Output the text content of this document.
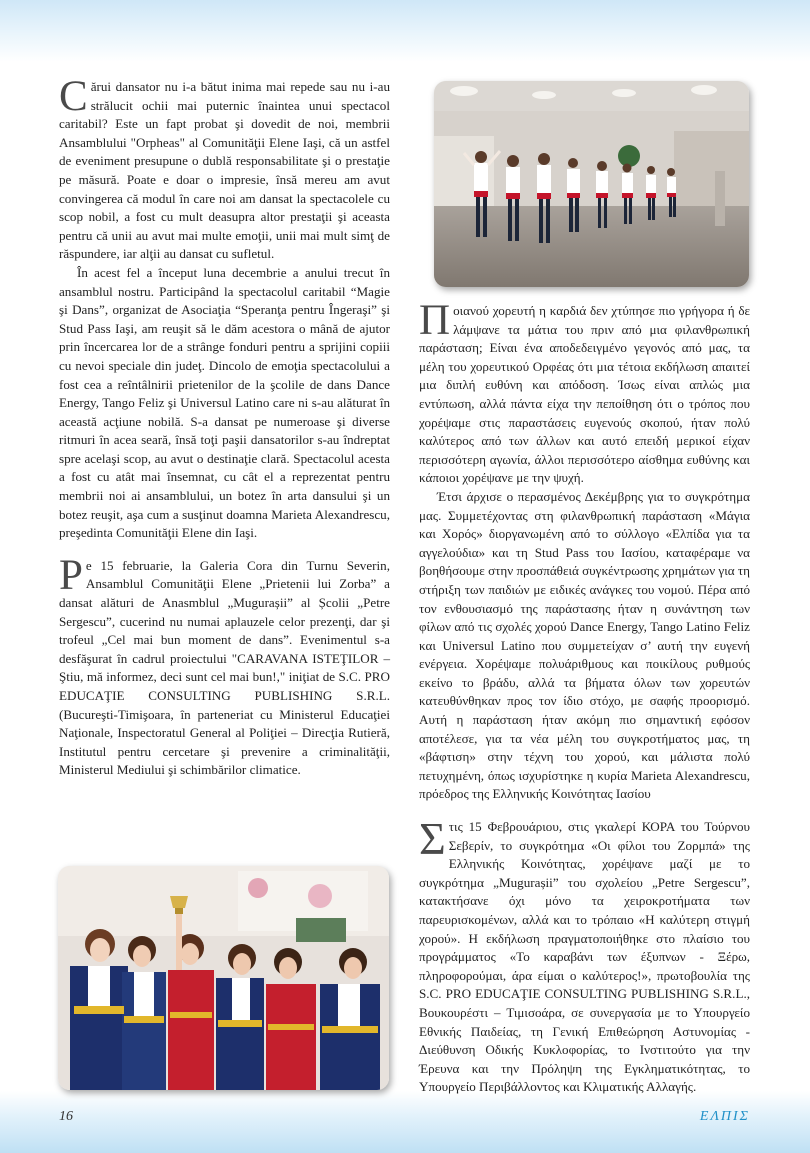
Cărui dansator nu i-a bătut inima mai repede sau nu i-au strălucit ochii mai puternic înaintea unui spectacol caritabil? Este un fapt probat şi dovedit de noi, membrii Ansamblului "Orpheas" al Comunităţii Elene Iaşi, că un astfel de eveniment presupune o dublă responsabilitate şi o prestaţie pe măsură. Poate e doar o impresie, însă mereu am avut convingerea că modul în care noi am dansat la spectacolele cu scop nobil, a fost cu mult deasupra altor prestaţii şi aceasta pentru că unii au avut mai multe emoţii, unii mai mult simţ de răspundere, iar alţii au dansat cu sufletul.

În acest fel a început luna decembrie a anului trecut în ansamblul nostru. Participând la spectacolul caritabil “Magie şi Dans”, organizat de Asociaţia “Speranţa pentru Îngeraşi” şi Stud Pass Iaşi, am reuşit să le dăm acestora o mână de ajutor prin încercarea lor de a strânge fonduri pentru a sprijini copiii cu nevoi speciale din judeţ. Dincolo de emoţia spectacolului a fost cea a reîntâlnirii prietenilor de la şcolile de dans Dance Energy, Tango Feliz şi Universul Latino care ni s-au alăturat în această acţiune nobilă. S-a dansat pe numeroase şi diverse ritmuri în acea seară, însă toţi paşii dansatorilor s-au îndreptat spre acelaşi scop, au avut o destinaţie clară. Spectacolul acesta a fost cu atât mai însemnat, cu cât el a reprezentat pentru membrii noi ai ansamblului, un botez în arta dansului şi un botez reuşit, aşa cum a susţinut doamna Marieta Alexandrescu, preşedinta Comunităţii Elene din Iaşi.

Pe 15 februarie, la Galeria Cora din Turnu Severin, Ansamblul Comunităţii Elene „Prietenii lui Zorba” a dansat alături de Anasmblul „Mugurașii” al Școlii „Petre Sergescu”, cucerind nu numai aplauzele celor prezenţi, dar şi trofeul „Cel mai bun moment de dans”. Evenimentul s-a desfăşurat în cadrul proiectului "CARAVANA ISTEŢILOR – Ştiu, mă informez, deci sunt cel mai bun!," iniţiat de S.C. PRO EDUCAŢIE CONSULTING PUBLISHING S.R.L. (Bucureşti-Timişoara, în parteneriat cu Ministerul Educaţiei Naţionale, Inspectoratul General al Poliţiei – Direcţia Rutieră, Institutul pentru cercetare şi prevenire a criminalităţii, Ministerul Mediului şi schimbărilor climatice.

Ποιανού χορευτή η καρδιά δεν χτύπησε πιο γρήγορα ή δε λάμψανε τα μάτια του πριν από μια φιλανθρωπική παράσταση; Είναι ένα αποδεδειγμένο γεγονός από μας, τα μέλη του χορευτικού Ορφέας ότι μια τέτοια εκδήλωση απαιτεί μια διπλή ευθύνη και απόδοση. Ίσως είναι απλώς μια εντύπωση, αλλά πάντα είχα την πεποίθηση ότι ο τρόπος που χορέψαμε στις παραστάσεις ευγενούς σκοπού, ήταν πολύ καλύτερος από των άλλων και αυτό επειδή μερικοί είχαν περισσότερη αγωνία, άλλοι περισσότερο αίσθημα ευθύνης και κάποιοι χορέψανε με την ψυχή.

Έτσι άρχισε ο περασμένος Δεκέμβρης για το συγκρότημα μας. Συμμετέχοντας στη φιλανθρωπική παράσταση «Μάγια και Χορός» διοργανωμένη από το σύλλογο «Ελπίδα για τα αγγελούδια» και τη Stud Pass του Ιασίου, καταφέραμε να βοηθήσουμε στην προσπάθειά συγκέντρωσης χρημάτων για τη στήριξη των παιδιών με ειδικές ανάγκες του νομού. Πέρα από τον ενθουσιασμό της παράστασης ήταν η συνάντηση των φίλων από τις σχολές χορού Dance Energy, Tango Latino Feliz και Universul Latino που συμμετείχαν σ’ αυτή την ευγενή ενέργεια. Χορέψαμε πολυάριθμους και ποικίλους ρυθμούς εκείνο το βράδυ, αλλά τα βήματα όλων των χορευτών κατευθύνθηκαν προς τον ίδιο στόχο, με σαφής προορισμό. Αυτή η παράσταση ήταν ακόμη πιο σημαντική εφόσον αποτέλεσε, για τα νέα μέλη του συγκροτήματος μας, τη «βάφτιση» στην τέχνη του χορού, και μάλιστα πολύ πετυχημένη, όπως ισχυρίστηκε η κυρία Marieta Alexandrescu, πρόεδρος της Ελληνικής Κοινότητας Ιασίου

Στις 15 Φεβρουάριου, στις γκαλερί ΚΟΡΑ του Τούρνου Σεβερίν, το συγκρότημα «Οι φίλοι του Ζορμπά» της Ελληνικής Κοινότητας, χορέψανε μαζί με το συγκρότημα „Mugurașii” του σχολείου „Petre Sergescu”, κατακτήσανε όχι μόνο τα χειροκροτήματα των παρευρισκομένων, αλλά και το τρόπαιο «Η καλύτερη στιγμή χορού». Η εκδήλωση πραγματοποιήθηκε στο πλαίσιο του προγράμματος «Το καραβάνι των έξυπνων - Ξέρω, πληροφορούμαι, άρα είμαι ο καλύτερος!», πρωτοβουλία της S.C. PRO EDUCAŢIE CONSULTING PUBLISHING S.R.L., Βουκουρέστι – Τιμισοάρα, σε συνεργασία με το Υπουργείο Εθνικής Παιδείας, τη Γενική Επιθεώρηση Αστυνομίας - Διεύθυνση Οδικής Κυκλοφορίας, το Ινστιτούτο για την Έρευνα και την Πρόληψη της Εγκληματικότητας, το Υπουργείο Περιβάλλοντος και Κλιματικής Αλλαγής.

16	ΕΛΠΙΣ
